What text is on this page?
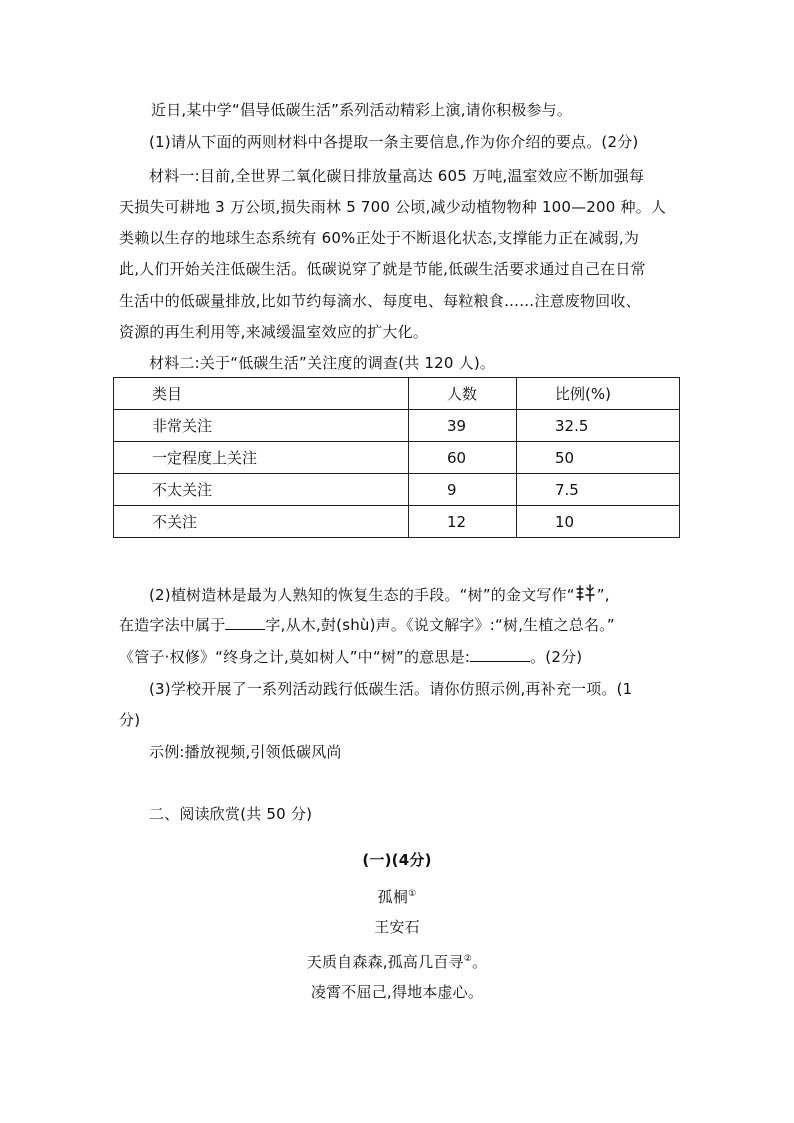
近日,某中学“倡导低碳生活”系列活动精彩上演,请你积极参与。
(1)请从下面的两则材料中各提取一条主要信息,作为你介绍的要点。(2分)
材料一:目前,全世界二氧化碳日排放量高达 605 万吨,温室效应不断加强每
天损失可耕地 3 万公顷,损失雨林 5 700 公顷,减少动植物物种 100—200 种。人
类赖以生存的地球生态系统有 60%正处于不断退化状态,支撑能力正在减弱,为
此,人们开始关注低碳生活。低碳说穿了就是节能,低碳生活要求通过自己在日常
生活中的低碳量排放,比如节约每滴水、每度电、每粒粮食……注意废物回收、
资源的再生利用等,来减缓温室效应的扩大化。
材料二:关于“低碳生活”关注度的调查(共 120 人)。
类目	人数	比例(%)
非常关注	39	32.5
一定程度上关注	60	50
不太关注	9	7.5
不关注	12	10
(2)植树造林是最为人熟知的恢复生态的手段。“树”的金文写作“ ”,
在造字法中属于	字,从木,尌(shù)声。《说文解字》:“树,生植之总名。”
《管子·权修》“终身之计,莫如树人”中“树”的意思是:	。(2分)
(3)学校开展了一系列活动践行低碳生活。请你仿照示例,再补充一项。(1
分)
示例:播放视频,引领低碳风尚
二、阅读欣赏(共 50 分)
(一)(4分)
孤桐①
王安石
天质自森森,孤高几百寻②。
凌霄不屈己,得地本虚心。
